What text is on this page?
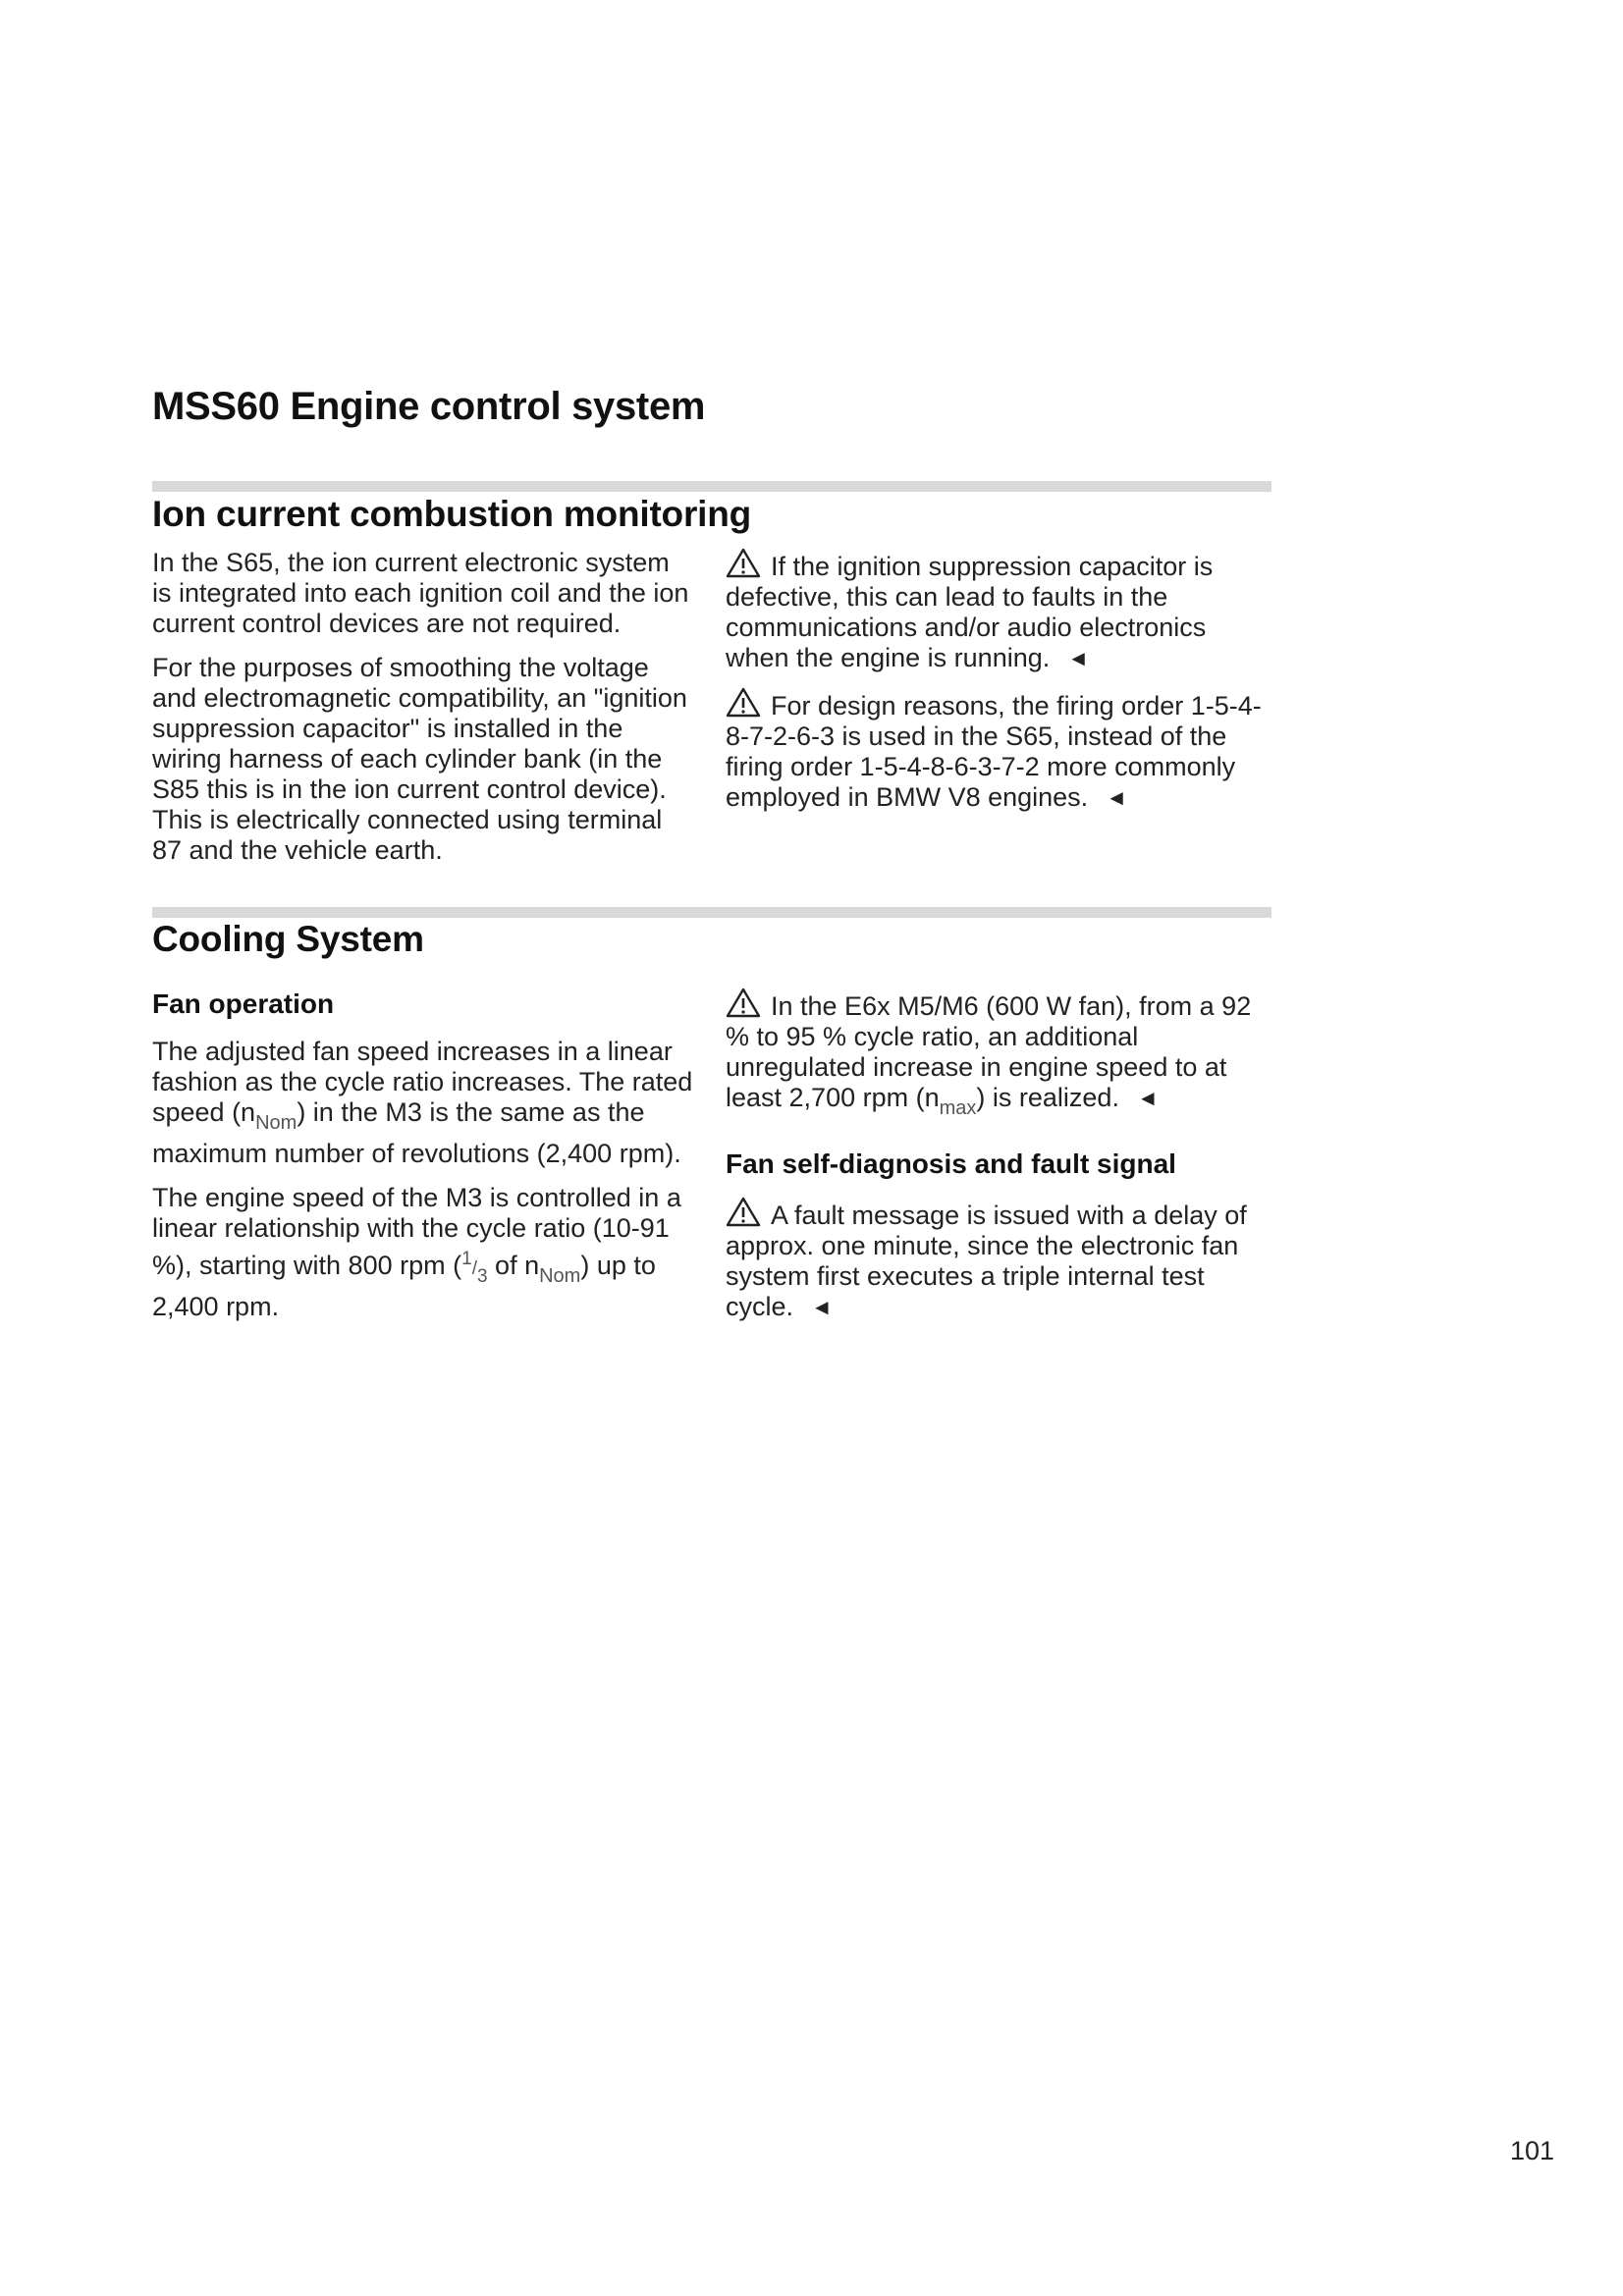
MSS60 Engine control system
Ion current combustion monitoring

In the S65, the ion current electronic system is integrated into each ignition coil and the ion current control devices are not required.

For the purposes of smoothing the voltage and electromagnetic compatibility, an "ignition suppression capacitor" is installed in the wiring harness of each cylinder bank (in the S85 this is in the ion current control device). This is electrically connected using terminal 87 and the vehicle earth.

If the ignition suppression capacitor is defective, this can lead to faults in the communications and/or audio electronics when the engine is running. ◄

For design reasons, the firing order 1-5-4-8-7-2-6-3 is used in the S65, instead of the firing order 1-5-4-8-6-3-7-2 more commonly employed in BMW V8 engines. ◄

Cooling System
Fan operation

The adjusted fan speed increases in a linear fashion as the cycle ratio increases. The rated speed $(n_{Nom})$ in the M3 is the same as the maximum number of revolutions (2,400 rpm).

The engine speed of the M3 is controlled in a linear relationship with the cycle ratio (10-91 %), starting with 800 rpm (1/3 of $n_{Nom}$) up to 2,400 rpm.

In the E6x M5/M6 (600 W fan), from a 92 % to 95 % cycle ratio, an additional unregulated increase in engine speed to at least 2,700 rpm $(n_{max})$ is realized. ◄

Fan self-diagnosis and fault signal

A fault message is issued with a delay of approx. one minute, since the electronic fan system first executes a triple internal test cycle. ◄

101
